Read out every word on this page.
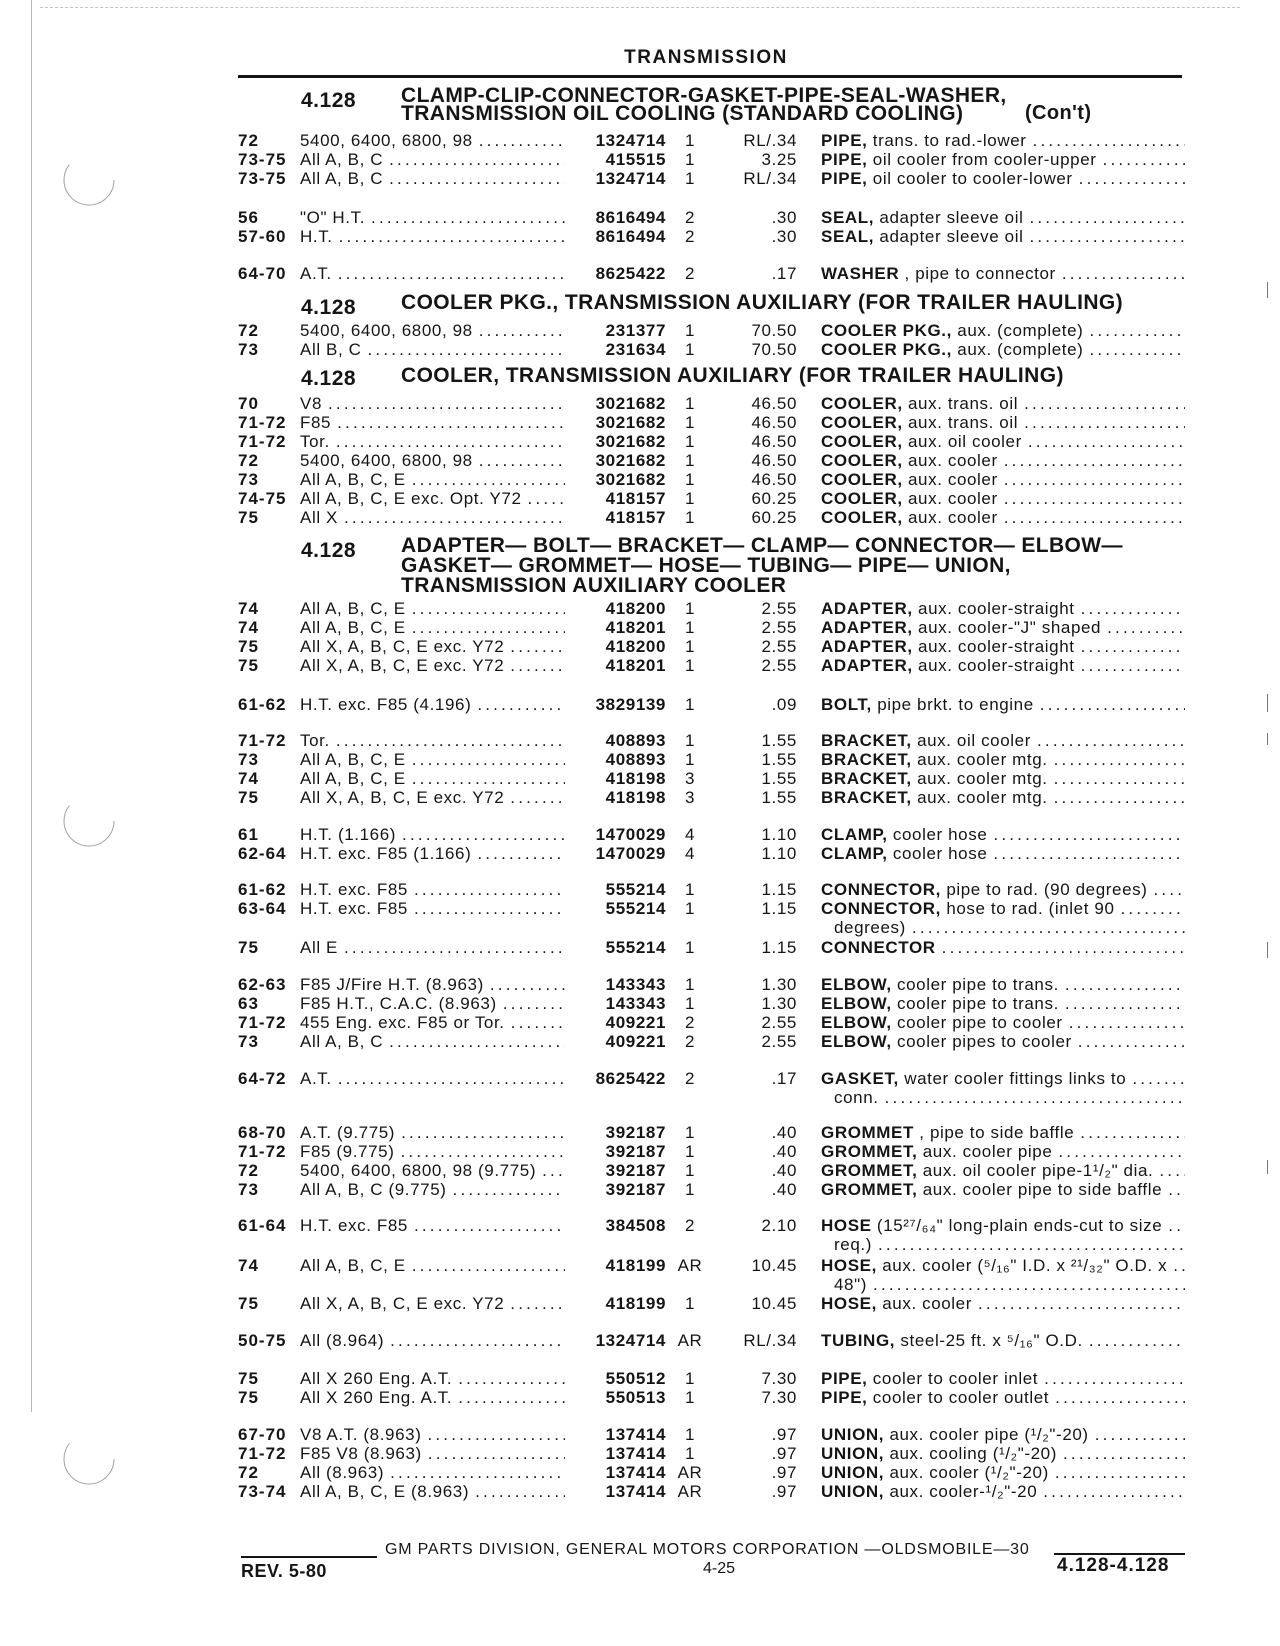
TRANSMISSION
4.128 CLAMP-CLIP-CONNECTOR-GASKET-PIPE-SEAL-WASHER,
TRANSMISSION OIL COOLING (STANDARD COOLING)	(Con't)
72 5400, 6400, 6800, 98 .....	1324714	1	RL/.34 PIPE, trans. to rad.-lower
.....
73-75 All A, B, C .....	415515	1	3.25 PIPE, oil cooler from cooler-upper
.....
73-75 All A, B, C .....	1324714	1	RL/.34 PIPE, oil cooler to cooler-lower
.....
56 "O" H.T. .....	8616494	2	.30 SEAL, adapter sleeve oil
.....
57-60 H.T. .....	8616494	2	.30 SEAL, adapter sleeve oil
.....
64-70 A.T. .....	8625422	2	.17 WASHER , pipe to connector
.....
4.128 COOLER PKG., TRANSMISSION AUXILIARY (FOR TRAILER HAULING)
72 5400, 6400, 6800, 98 .....	231377	1	70.50 COOLER PKG., aux. (complete)
.....
73 All B, C .....	231634	1	70.50 COOLER PKG., aux. (complete)
.....
4.128 COOLER, TRANSMISSION AUXILIARY (FOR TRAILER HAULING)
70 V8 .....	3021682	1	46.50 COOLER, aux. trans. oil
.....
71-72 F85 .....	3021682	1	46.50 COOLER, aux. trans. oil
.....
71-72 Tor. .....	3021682	1	46.50 COOLER, aux. oil cooler
.....
72 5400, 6400, 6800, 98 .....	3021682	1	46.50 COOLER, aux. cooler
.....
73 All A, B, C, E .....	3021682	1	46.50 COOLER, aux. cooler
.....
74-75 All A, B, C, E exc. Opt. Y72 .....	418157	1	60.25 COOLER, aux. cooler
.....
75 All X .....	418157	1	60.25 COOLER, aux. cooler
.....
4.128 ADAPTER— BOLT— BRACKET— CLAMP— CONNECTOR— ELBOW—
GASKET— GROMMET— HOSE— TUBING— PIPE— UNION,
TRANSMISSION AUXILIARY COOLER
74 All A, B, C, E .....	418200	1	2.55 ADAPTER, aux. cooler-straight
.....
74 All A, B, C, E .....	418201	1	2.55 ADAPTER, aux. cooler-"J" shaped
.....
75 All X, A, B, C, E exc. Y72 .....	418200	1	2.55 ADAPTER, aux. cooler-straight
.....
75 All X, A, B, C, E exc. Y72 .....	418201	1	2.55 ADAPTER, aux. cooler-straight
.....
61-62 H.T. exc. F85 (4.196) .....	3829139	1	.09 BOLT, pipe brkt. to engine
.....
71-72 Tor. .....	408893	1	1.55 BRACKET, aux. oil cooler
.....
73 All A, B, C, E .....	408893	1	1.55 BRACKET, aux. cooler mtg.
.....
74 All A, B, C, E .....	418198	3	1.55 BRACKET, aux. cooler mtg.
.....
75 All X, A, B, C, E exc. Y72 .....	418198	3	1.55 BRACKET, aux. cooler mtg.
.....
61 H.T. (1.166) .....	1470029	4	1.10 CLAMP, cooler hose
.....
62-64 H.T. exc. F85 (1.166) .....	1470029	4	1.10 CLAMP, cooler hose
.....
61-62 H.T. exc. F85 .....	555214	1	1.15 CONNECTOR, pipe to rad. (90 degrees)
.....
63-64 H.T. exc. F85 .....	555214	1	1.15 CONNECTOR, hose to rad. (inlet 90
.....
degrees)
.....
75 All E .....	555214	1	1.15 CONNECTOR
.....
62-63 F85 J/Fire H.T. (8.963) .....	143343	1	1.30 ELBOW, cooler pipe to trans.
.....
63 F85 H.T., C.A.C. (8.963) .....	143343	1	1.30 ELBOW, cooler pipe to trans.
.....
71-72 455 Eng. exc. F85 or Tor. .....	409221	2	2.55 ELBOW, cooler pipe to cooler
.....
73 All A, B, C .....	409221	2	2.55 ELBOW, cooler pipes to cooler
.....
64-72 A.T. .....	8625422	2	.17 GASKET, water cooler fittings links to
.....
conn.
.....
68-70 A.T. (9.775) .....	392187	1	.40 GROMMET , pipe to side baffle
.....
71-72 F85 (9.775) .....	392187	1	.40 GROMMET, aux. cooler pipe
.....
72 5400, 6400, 6800, 98 (9.775) .....	392187	1	.40 GROMMET, aux. oil cooler pipe-1¹/₂" dia.
.....
73 All A, B, C (9.775) .....	392187	1	.40 GROMMET, aux. cooler pipe to side baffle
.....
61-64 H.T. exc. F85 .....	384508	2	2.10 HOSE (15²⁷/₆₄" long-plain ends-cut to size
.....
req.)
.....
74 All A, B, C, E .....	418199 AR	10.45 HOSE, aux. cooler (⁵/₁₆" I.D. x ²¹/₃₂" O.D. x
.....
48")
.....
75 All X, A, B, C, E exc. Y72 .....	418199	1	10.45 HOSE, aux. cooler
.....
50-75 All (8.964) .....	1324714 AR	RL/.34 TUBING, steel-25 ft. x ⁵/₁₆" O.D.
.....
75 All X 260 Eng. A.T. .....	550512	1	7.30 PIPE, cooler to cooler inlet
.....
75 All X 260 Eng. A.T. .....	550513	1	7.30 PIPE, cooler to cooler outlet
.....
67-70 V8 A.T. (8.963) .....	137414	1	.97 UNION, aux. cooler pipe (¹/₂"-20)
.....
71-72 F85 V8 (8.963) .....	137414	1	.97 UNION, aux. cooling (¹/₂"-20)
.....
72 All (8.963) .....	137414 AR	.97 UNION, aux. cooler (¹/₂"-20)
.....
73-74 All A, B, C, E (8.963) .....	137414 AR	.97 UNION, aux. cooler-¹/₂"-20
.....
GM PARTS DIVISION, GENERAL MOTORS CORPORATION —OLDSMOBILE—30
REV. 5-80	4-25	4.128-4.128
